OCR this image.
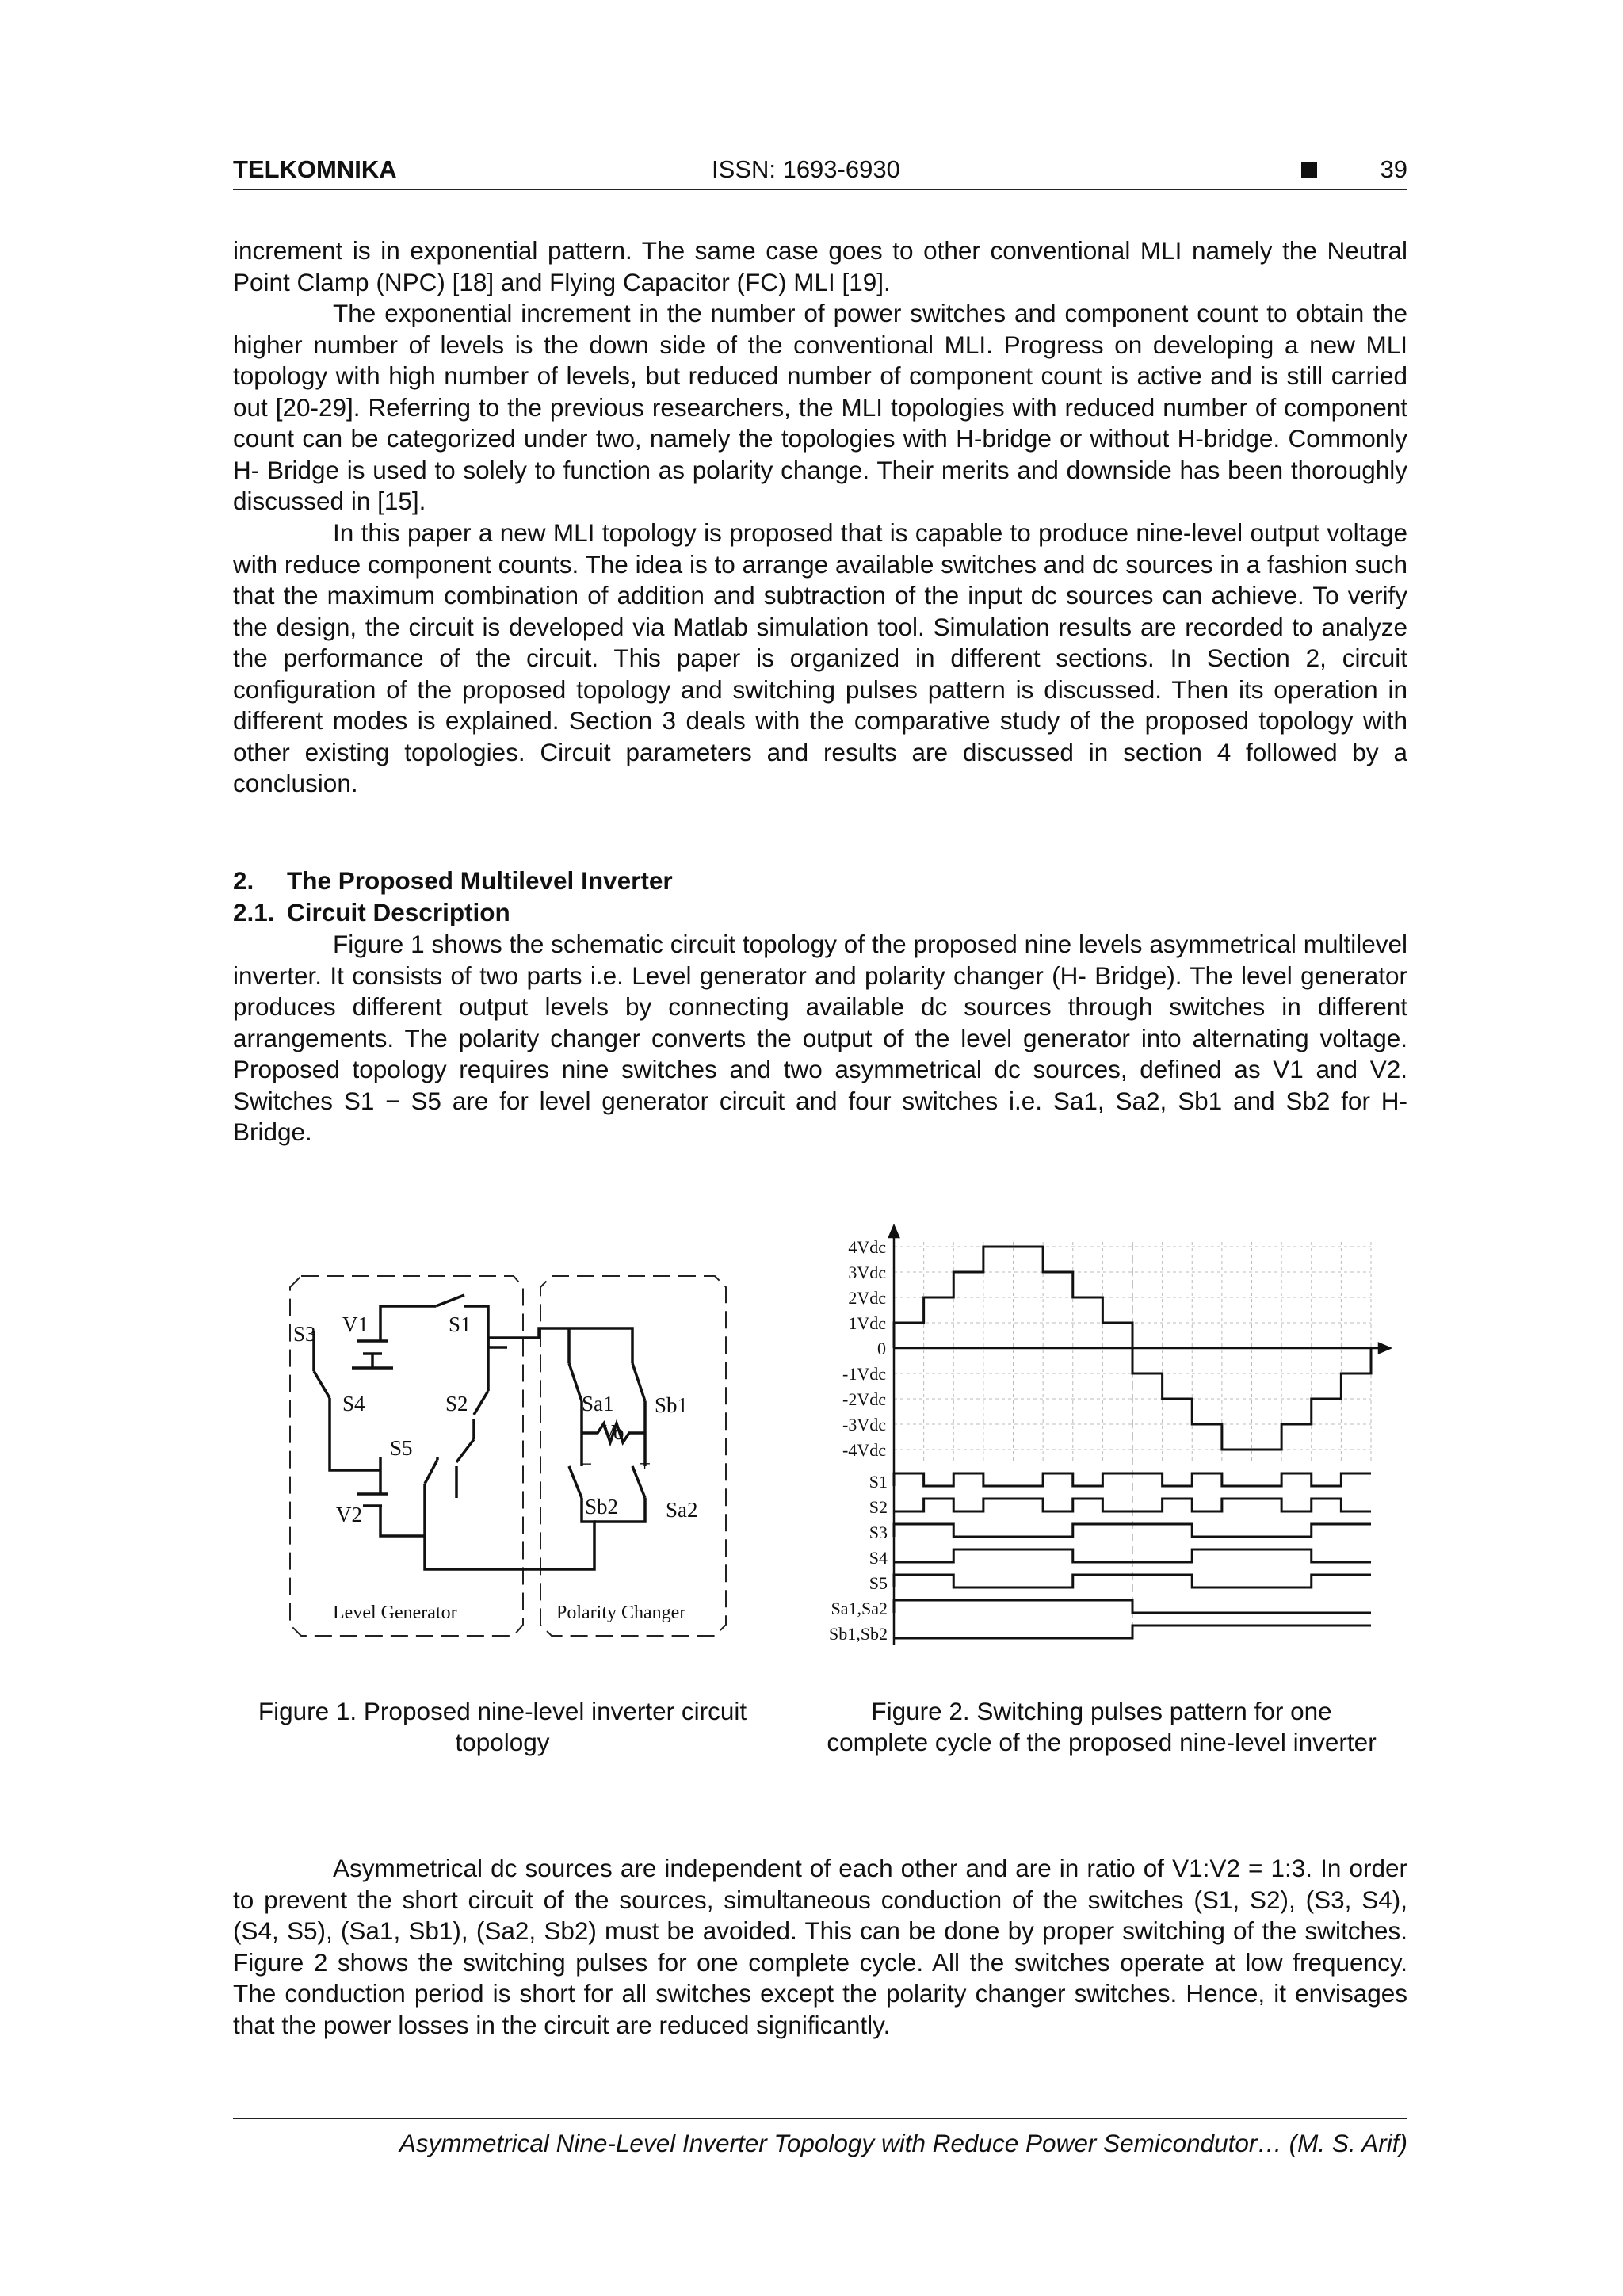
TELKOMNIKA	ISSN: 1693-6930	39

increment is in exponential pattern. The same case goes to other conventional MLI namely the Neutral Point Clamp (NPC) [18] and Flying Capacitor (FC) MLI [19].

The exponential increment in the number of power switches and component count to obtain the higher number of levels is the down side of the conventional MLI. Progress on developing a new MLI topology with high number of levels, but reduced number of component count is active and is still carried out [20-29]. Referring to the previous researchers, the MLI topologies with reduced number of component count can be categorized under two, namely the topologies with H-bridge or without H-bridge. Commonly H- Bridge is used to solely to function as polarity change. Their merits and downside has been thoroughly discussed in [15].

In this paper a new MLI topology is proposed that is capable to produce nine-level output voltage with reduce component counts. The idea is to arrange available switches and dc sources in a fashion such that the maximum combination of addition and subtraction of the input dc sources can achieve. To verify the design, the circuit is developed via Matlab simulation tool. Simulation results are recorded to analyze the performance of the circuit. This paper is organized in different sections. In Section 2, circuit configuration of the proposed topology and switching pulses pattern is discussed. Then its operation in different modes is explained. Section 3 deals with the comparative study of the proposed topology with other existing topologies. Circuit parameters and results are discussed in section 4 followed by a conclusion.

2. The Proposed Multilevel Inverter
2.1. Circuit Description

Figure 1 shows the schematic circuit topology of the proposed nine levels asymmetrical multilevel inverter. It consists of two parts i.e. Level generator and polarity changer (H- Bridge). The level generator produces different output levels by connecting available dc sources through switches in different arrangements. The polarity changer converts the output of the level generator into alternating voltage. Proposed topology requires nine switches and two asymmetrical dc sources, defined as V1 and V2. Switches S1 − S5 are for level generator circuit and four switches i.e. Sa1, Sa2, Sb1 and Sb2 for H-Bridge.

S3 V1	S1
S4	S2
S5
V2
Sa1 Sb1
Vo
− +
Sb2 Sa2
Level Generator	Polarity Changer
4Vdc
3Vdc
2Vdc
1Vdc
0
-1Vdc
-2Vdc
-3Vdc
-4Vdc
S1
S2
S3
S4
S5
Sa1,Sa2
Sb1,Sb2

Figure 1. Proposed nine-level inverter circuit topology

Figure 2. Switching pulses pattern for one complete cycle of the proposed nine-level inverter

Asymmetrical dc sources are independent of each other and are in ratio of V1:V2 = 1:3. In order to prevent the short circuit of the sources, simultaneous conduction of the switches (S1, S2), (S3, S4), (S4, S5), (Sa1, Sb1), (Sa2, Sb2) must be avoided. This can be done by proper switching of the switches. Figure 2 shows the switching pulses for one complete cycle. All the switches operate at low frequency. The conduction period is short for all switches except the polarity changer switches. Hence, it envisages that the power losses in the circuit are reduced significantly.

Asymmetrical Nine-Level Inverter Topology with Reduce Power Semicondutor… (M. S. Arif)
